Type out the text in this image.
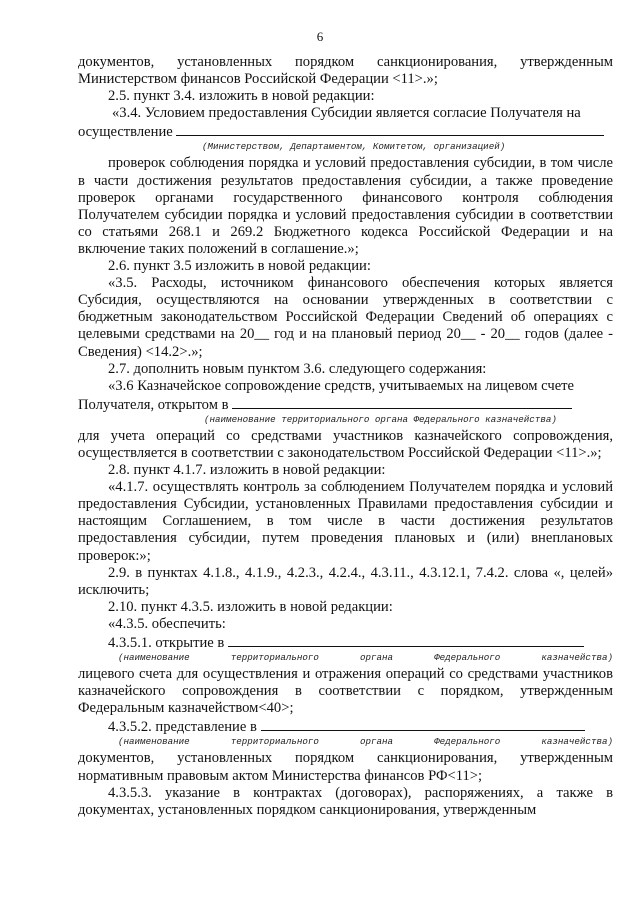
6

документов, установленных порядком санкционирования, утвержденным Министерством финансов Российской Федерации <11>.»;

2.5. пункт 3.4. изложить в новой редакции:

«3.4. Условием предоставления Субсидии является согласие Получателя на

осуществление

(Министерством, Департаментом, Комитетом, организацией)

проверок соблюдения порядка и условий предоставления субсидии, в том числе в части достижения результатов предоставления субсидии, а также проведение проверок органами государственного финансового контроля соблюдения Получателем субсидии порядка и условий предоставления субсидии в соответствии со статьями 268.1 и 269.2 Бюджетного кодекса Российской Федерации и на включение таких положений в соглашение.»;

2.6. пункт 3.5 изложить в новой редакции:

«3.5. Расходы, источником финансового обеспечения которых является Субсидия, осуществляются на основании утвержденных в соответствии с бюджетным законодательством Российской Федерации Сведений об операциях с целевыми средствами на 20__ год и на плановый период 20__ - 20__ годов (далее - Сведения) <14.2>.»;

2.7. дополнить новым пунктом 3.6. следующего содержания:

«3.6 Казначейское сопровождение средств, учитываемых на лицевом счете

Получателя, открытом в

(наименование территориального органа Федерального казначейства)

для учета операций со средствами участников казначейского сопровождения, осуществляется в соответствии с законодательством Российской Федерации <11>.»;

2.8. пункт 4.1.7. изложить в новой редакции:

«4.1.7. осуществлять контроль за соблюдением Получателем порядка и условий предоставления Субсидии, установленных Правилами предоставления субсидии и настоящим Соглашением, в том числе в части достижения результатов предоставления субсидии, путем проведения плановых и (или) внеплановых проверок:»;

2.9. в пунктах 4.1.8., 4.1.9., 4.2.3., 4.2.4., 4.3.11., 4.3.12.1, 7.4.2. слова «, целей» исключить;

2.10. пункт 4.3.5. изложить в новой редакции:

«4.3.5. обеспечить:

4.3.5.1. открытие в

(наименование территориального органа Федерального казначейства)

лицевого счета для осуществления и отражения операций со средствами участников казначейского сопровождения в соответствии с порядком, утвержденным Федеральным казначейством<40>;

4.3.5.2. представление в

(наименование территориального органа Федерального казначейства)

документов, установленных порядком санкционирования, утвержденным нормативным правовым актом Министерства финансов РФ<11>;

4.3.5.3. указание в контрактах (договорах), распоряжениях, а также в документах, установленных порядком санкционирования, утвержденным
